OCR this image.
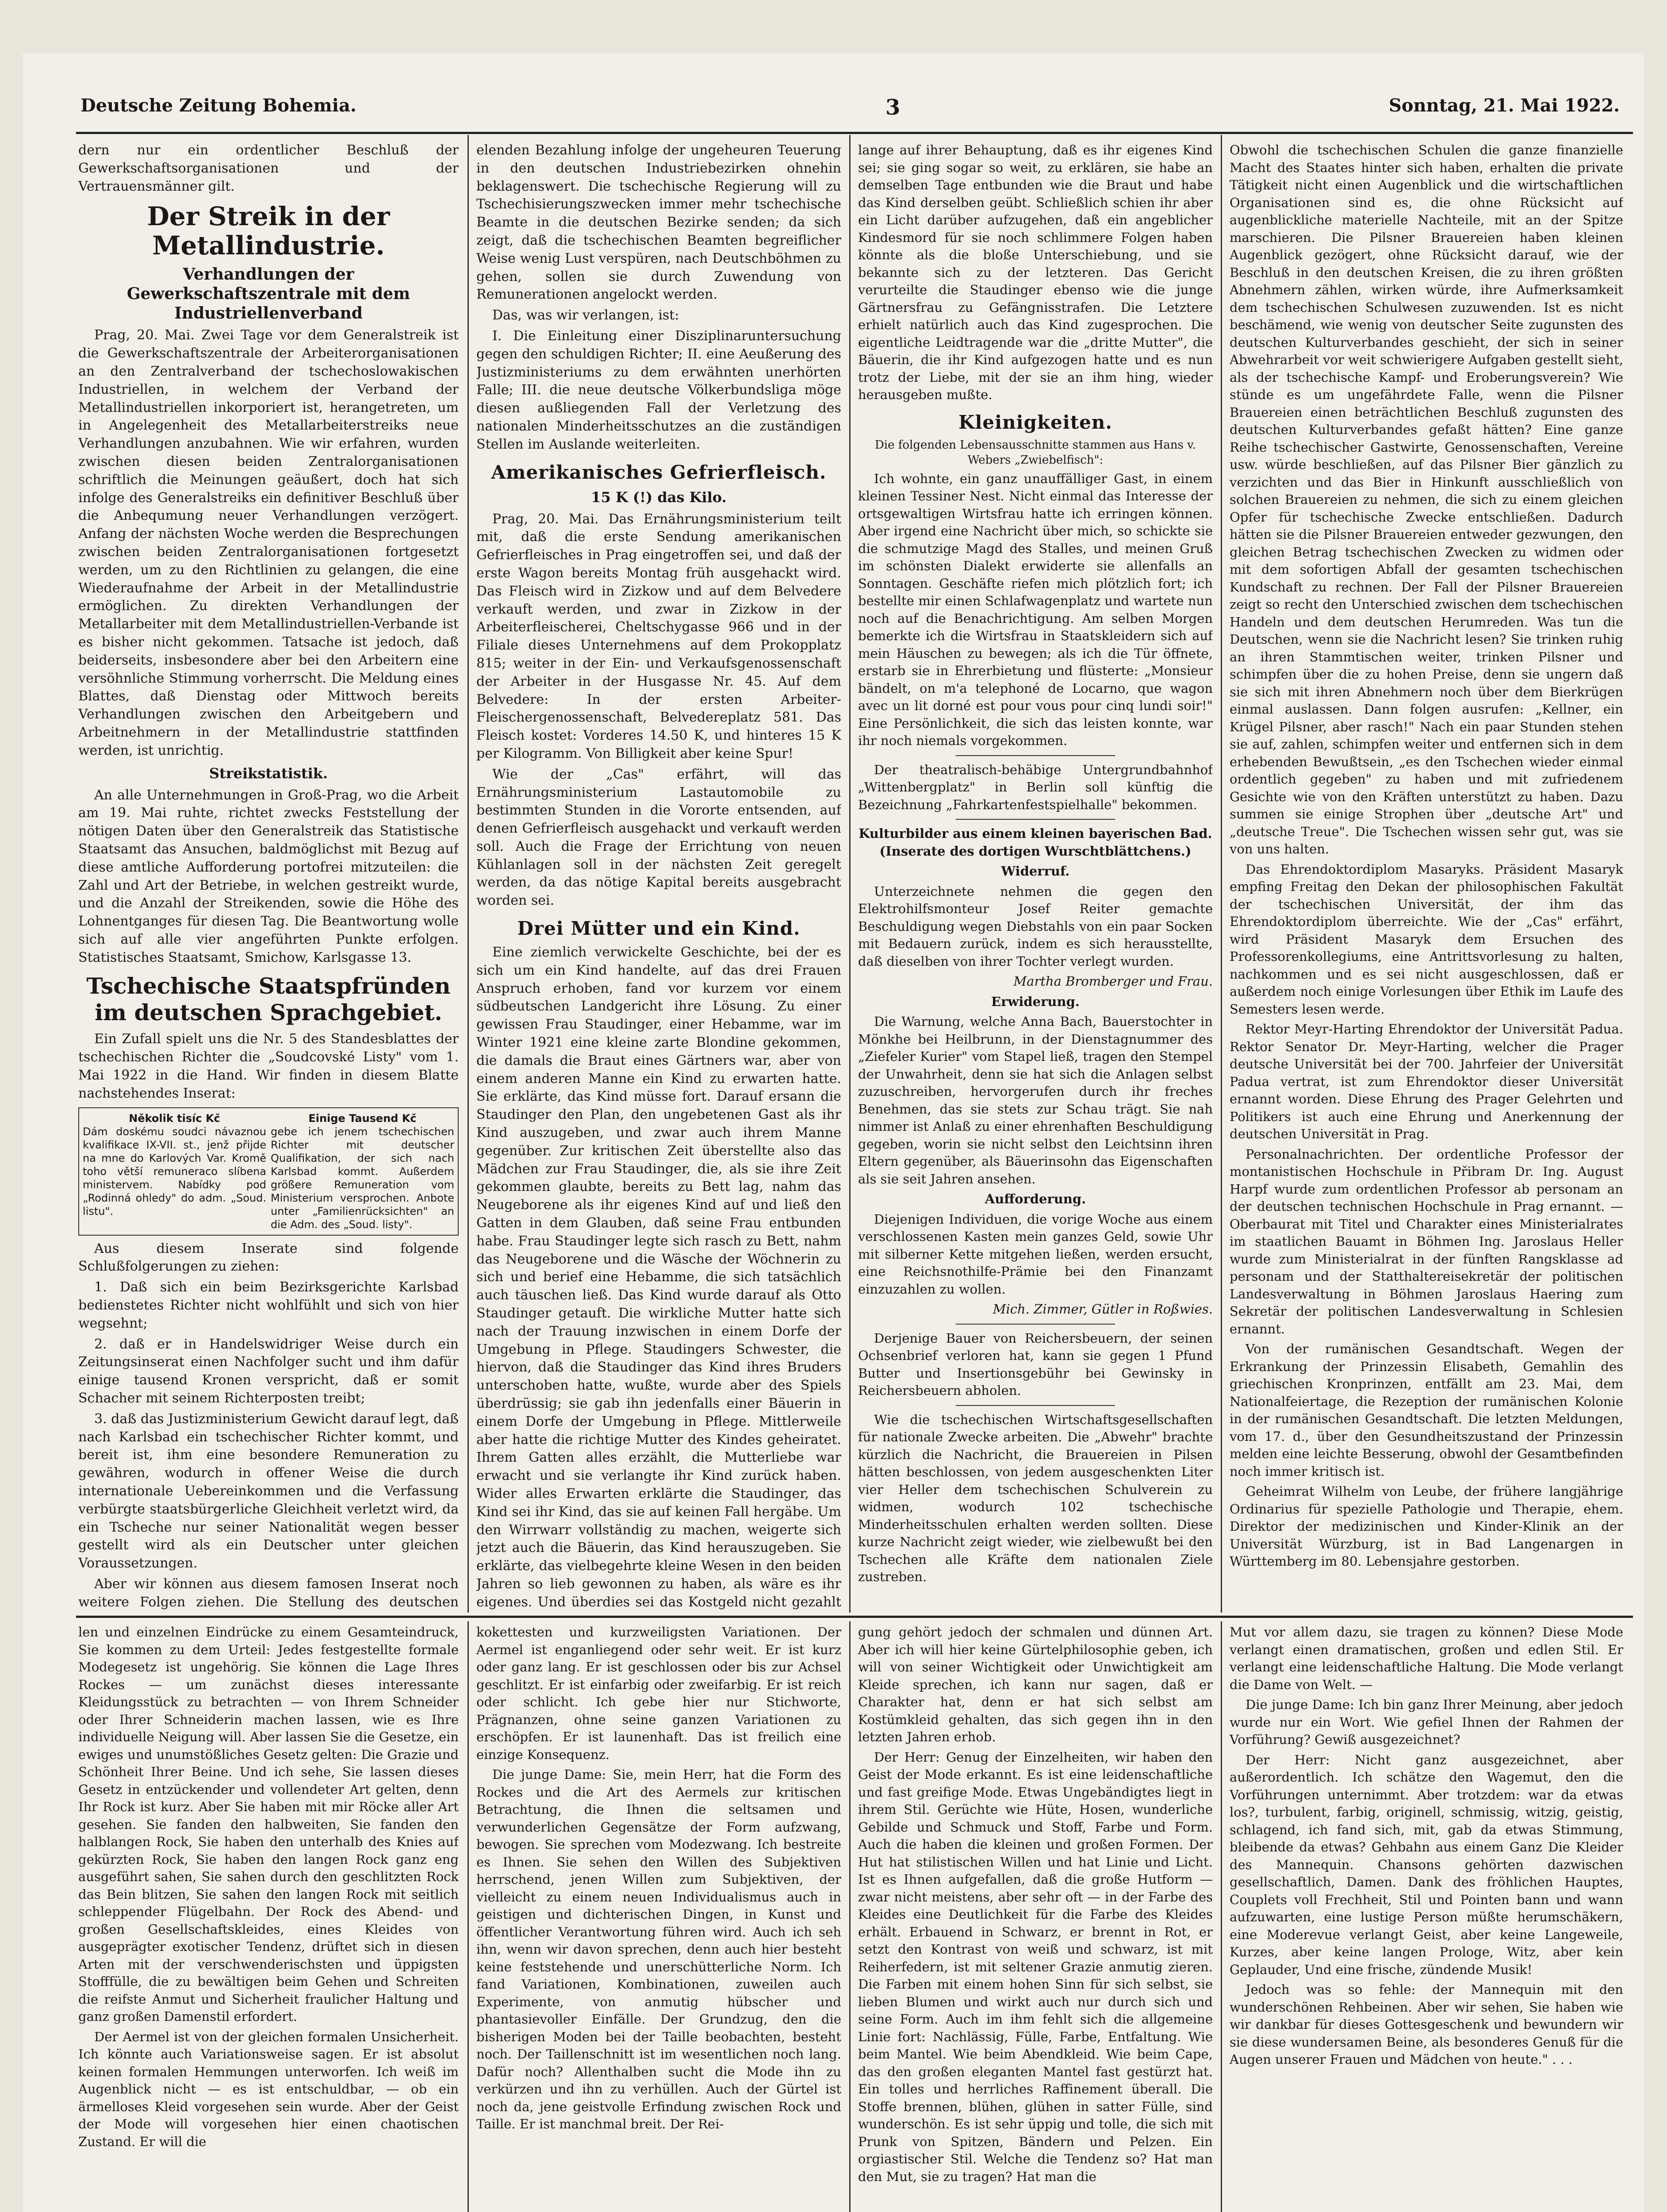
Deutsche Zeitung Bohemia.	3	Sonntag, 21. Mai 1922.

dern nur ein ordentlicher Beschluß der Gewerkschaftsorganisationen und der Vertrauensmänner gilt.

Der Streik in der Metallindustrie.
Verhandlungen der Gewerkschaftszentrale mit dem Industriellenverband

Prag, 20. Mai. Zwei Tage vor dem Generalstreik ist die Gewerkschaftszentrale der Arbeiterorganisationen an den Zentralverband der tschechoslowakischen Industriellen, in welchem der Verband der Metallindustriellen inkorporiert ist, herangetreten, um in Angelegenheit des Metallarbeiterstreiks neue Verhandlungen anzubahnen. Wie wir erfahren, wurden zwischen diesen beiden Zentralorganisationen schriftlich die Meinungen geäußert, doch hat sich infolge des Generalstreiks ein definitiver Beschluß über die Anbequmung neuer Verhandlungen verzögert. Anfang der nächsten Woche werden die Besprechungen zwischen beiden Zentralorganisationen fortgesetzt werden, um zu den Richtlinien zu gelangen, die eine Wiederaufnahme der Arbeit in der Metallindustrie ermöglichen. Zu direkten Verhandlungen der Metallarbeiter mit dem Metallindustriellen-Verbande ist es bisher nicht gekommen. Tatsache ist jedoch, daß beiderseits, insbesondere aber bei den Arbeitern eine versöhnliche Stimmung vorherrscht. Die Meldung eines Blattes, daß Dienstag oder Mittwoch bereits Verhandlungen zwischen den Arbeitgebern und Arbeitnehmern in der Metallindustrie stattfinden werden, ist unrichtig.

Streikstatistik.

An alle Unternehmungen in Groß-Prag, wo die Arbeit am 19. Mai ruhte, richtet zwecks Feststellung der nötigen Daten über den Generalstreik das Statistische Staatsamt das Ansuchen, baldmöglichst mit Bezug auf diese amtliche Aufforderung portofrei mitzuteilen: die Zahl und Art der Betriebe, in welchen gestreikt wurde, und die Anzahl der Streikenden, sowie die Höhe des Lohnentganges für diesen Tag. Die Beantwortung wolle sich auf alle vier angeführten Punkte erfolgen. Statistisches Staatsamt, Smichow, Karlsgasse 13.

Tschechische Staatspfründen im deutschen Sprachgebiet.

Ein Zufall spielt uns die Nr. 5 des Standesblattes der tschechischen Richter die „Soudcovské Listy" vom 1. Mai 1922 in die Hand. Wir finden in diesem Blatte nachstehendes Inserat:

Několik tisíc Kč
Dám doskému soudci návaznou kvalifikace IX-VII. st., jenž přijde na mne do Karlových Var. Kromě toho větší remuneraco slíbena ministervem. Nabídky pod „Rodinná ohledy" do adm. „Soud. listu".
Einige Tausend Kč
gebe ich jenem tschechischen Richter mit deutscher Qualifikation, der sich nach Karlsbad kommt. Außerdem größere Remuneration vom Ministerium versprochen. Anbote unter „Familienrücksichten" an die Adm. des „Soud. listy".

Aus diesem Inserate sind folgende Schlußfolgerungen zu ziehen:

1. Daß sich ein beim Bezirksgerichte Karlsbad bedienstetes Richter nicht wohlfühlt und sich von hier wegsehnt;

2. daß er in Handelswidriger Weise durch ein Zeitungsinserat einen Nachfolger sucht und ihm dafür einige tausend Kronen verspricht, daß er somit Schacher mit seinem Richterposten treibt;

3. daß das Justizministerium Gewicht darauf legt, daß nach Karlsbad ein tschechischer Richter kommt, und bereit ist, ihm eine besondere Remuneration zu gewähren, wodurch in offener Weise die durch internationale Uebereinkommen und die Verfassung verbürgte staatsbürgerliche Gleichheit verletzt wird, da ein Tscheche nur seiner Nationalität wegen besser gestellt wird als ein Deutscher unter gleichen Voraussetzungen.

Aber wir können aus diesem famosen Inserat noch weitere Folgen ziehen. Die Stellung des deutschen

elenden Bezahlung infolge der ungeheuren Teuerung in den deutschen Industriebezirken ohnehin beklagenswert. Die tschechische Regierung will zu Tschechisierungszwecken immer mehr tschechische Beamte in die deutschen Bezirke senden; da sich zeigt, daß die tschechischen Beamten begreiflicher Weise wenig Lust verspüren, nach Deutschböhmen zu gehen, sollen sie durch Zuwendung von Remunerationen angelockt werden.

Das, was wir verlangen, ist:

I. Die Einleitung einer Disziplinaruntersuchung gegen den schuldigen Richter; II. eine Aeußerung des Justizministeriums zu dem erwähnten unerhörten Falle; III. die neue deutsche Völkerbundsliga möge diesen außliegenden Fall der Verletzung des nationalen Minderheitsschutzes an die zuständigen Stellen im Auslande weiterleiten.

Amerikanisches Gefrierfleisch.
15 K (!) das Kilo.

Prag, 20. Mai. Das Ernährungsministerium teilt mit, daß die erste Sendung amerikanischen Gefrierfleisches in Prag eingetroffen sei, und daß der erste Wagon bereits Montag früh ausgehackt wird. Das Fleisch wird in Zizkow und auf dem Belvedere verkauft werden, und zwar in Zizkow in der Arbeiterfleischerei, Cheltschygasse 966 und in der Filiale dieses Unternehmens auf dem Prokopplatz 815; weiter in der Ein- und Verkaufsgenossenschaft der Arbeiter in der Husgasse Nr. 45. Auf dem Belvedere: In der ersten Arbeiter-Fleischergenossenschaft, Belvedereplatz 581. Das Fleisch kostet: Vorderes 14.50 K, und hinteres 15 K per Kilogramm. Von Billigkeit aber keine Spur!

Wie der „Cas" erfährt, will das Ernährungsministerium Lastautomobile zu bestimmten Stunden in die Vororte entsenden, auf denen Gefrierfleisch ausgehackt und verkauft werden soll. Auch die Frage der Errichtung von neuen Kühlanlagen soll in der nächsten Zeit geregelt werden, da das nötige Kapital bereits ausgebracht worden sei.

Drei Mütter und ein Kind.

Eine ziemlich verwickelte Geschichte, bei der es sich um ein Kind handelte, auf das drei Frauen Anspruch erhoben, fand vor kurzem vor einem südbeutschen Landgericht ihre Lösung. Zu einer gewissen Frau Staudinger, einer Hebamme, war im Winter 1921 eine kleine zarte Blondine gekommen, die damals die Braut eines Gärtners war, aber von einem anderen Manne ein Kind zu erwarten hatte. Sie erklärte, das Kind müsse fort. Darauf ersann die Staudinger den Plan, den ungebetenen Gast als ihr Kind auszugeben, und zwar auch ihrem Manne gegenüber. Zur kritischen Zeit überstellte also das Mädchen zur Frau Staudinger, die, als sie ihre Zeit gekommen glaubte, bereits zu Bett lag, nahm das Neugeborene als ihr eigenes Kind auf und ließ den Gatten in dem Glauben, daß seine Frau entbunden habe. Frau Staudinger legte sich rasch zu Bett, nahm das Neugeborene und die Wäsche der Wöchnerin zu sich und berief eine Hebamme, die sich tatsächlich auch täuschen ließ. Das Kind wurde darauf als Otto Staudinger getauft. Die wirkliche Mutter hatte sich nach der Trauung inzwischen in einem Dorfe der Umgebung in Pflege. Staudingers Schwester, die hiervon, daß die Staudinger das Kind ihres Bruders unterschoben hatte, wußte, wurde aber des Spiels überdrüssig; sie gab ihn jedenfalls einer Bäuerin in einem Dorfe der Umgebung in Pflege. Mittlerweile aber hatte die richtige Mutter des Kindes geheiratet. Ihrem Gatten alles erzählt, die Mutterliebe war erwacht und sie verlangte ihr Kind zurück haben. Wider alles Erwarten erklärte die Staudinger, das Kind sei ihr Kind, das sie auf keinen Fall hergäbe. Um den Wirrwarr vollständig zu machen, weigerte sich jetzt auch die Bäuerin, das Kind herauszugeben. Sie erklärte, das vielbegehrte kleine Wesen in den beiden Jahren so lieb gewonnen zu haben, als wäre es ihr eigenes. Und überdies sei das Kostgeld nicht gezahlt

lange auf ihrer Behauptung, daß es ihr eigenes Kind sei; sie ging sogar so weit, zu erklären, sie habe an demselben Tage entbunden wie die Braut und habe das Kind derselben geübt. Schließlich schien ihr aber ein Licht darüber aufzugehen, daß ein angeblicher Kindesmord für sie noch schlimmere Folgen haben könnte als die bloße Unterschiebung, und sie bekannte sich zu der letzteren. Das Gericht verurteilte die Staudinger ebenso wie die junge Gärtnersfrau zu Gefängnisstrafen. Die Letztere erhielt natürlich auch das Kind zugesprochen. Die eigentliche Leidtragende war die „dritte Mutter", die Bäuerin, die ihr Kind aufgezogen hatte und es nun trotz der Liebe, mit der sie an ihm hing, wieder herausgeben mußte.

Kleinigkeiten.

Die folgenden Lebensausschnitte stammen aus Hans v. Webers „Zwiebelfisch":

Ich wohnte, ein ganz unauffälliger Gast, in einem kleinen Tessiner Nest. Nicht einmal das Interesse der ortsgewaltigen Wirtsfrau hatte ich erringen können. Aber irgend eine Nachricht über mich, so schickte sie die schmutzige Magd des Stalles, und meinen Gruß im schönsten Dialekt erwiderte sie allenfalls an Sonntagen. Geschäfte riefen mich plötzlich fort; ich bestellte mir einen Schlafwagenplatz und wartete nun noch auf die Benachrichtigung. Am selben Morgen bemerkte ich die Wirtsfrau in Staatskleidern sich auf mein Häuschen zu bewegen; als ich die Tür öffnete, erstarb sie in Ehrerbietung und flüsterte: „Monsieur bändelt, on m'a telephoné de Locarno, que wagon avec un lit dorné est pour vous pour cinq lundi soir!" Eine Persönlichkeit, die sich das leisten konnte, war ihr noch niemals vorgekommen.

Der theatralisch-behäbige Untergrundbahnhof „Wittenbergplatz" in Berlin soll künftig die Bezeichnung „Fahrkartenfestspielhalle" bekommen.

Kulturbilder aus einem kleinen bayerischen Bad. (Inserate des dortigen Wurschtblättchens.)

Widerruf.

Unterzeichnete nehmen die gegen den Elektrohilfsmonteur Josef Reiter gemachte Beschuldigung wegen Diebstahls von ein paar Socken mit Bedauern zurück, indem es sich herausstellte, daß dieselben von ihrer Tochter verlegt wurden.

Martha Bromberger und Frau.

Erwiderung.

Die Warnung, welche Anna Bach, Bauerstochter in Mönkhe bei Heilbrunn, in der Dienstagnummer des „Ziefeler Kurier" vom Stapel ließ, tragen den Stempel der Unwahrheit, denn sie hat sich die Anlagen selbst zuzuschreiben, hervorgerufen durch ihr freches Benehmen, das sie stets zur Schau trägt. Sie nah nimmer ist Anlaß zu einer ehrenhaften Beschuldigung gegeben, worin sie nicht selbst den Leichtsinn ihren Eltern gegenüber, als Bäuerinsohn das Eigenschaften als sie seit Jahren ansehen.

Aufforderung.

Diejenigen Individuen, die vorige Woche aus einem verschlossenen Kasten mein ganzes Geld, sowie Uhr mit silberner Kette mitgehen ließen, werden ersucht, eine Reichsnothilfe-Prämie bei den Finanzamt einzuzahlen zu wollen.

Mich. Zimmer, Gütler in Roßwies.

Derjenige Bauer von Reichersbeuern, der seinen Ochsenbrief verloren hat, kann sie gegen 1 Pfund Butter und Insertionsgebühr bei Gewinsky in Reichersbeuern abholen.

Wie die tschechischen Wirtschaftsgesellschaften für nationale Zwecke arbeiten. Die „Abwehr" brachte kürzlich die Nachricht, die Brauereien in Pilsen hätten beschlossen, von jedem ausgeschenkten Liter vier Heller dem tschechischen Schulverein zu widmen, wodurch 102 tschechische Minderheitsschulen erhalten werden sollten. Diese kurze Nachricht zeigt wieder, wie zielbewußt bei den Tschechen alle Kräfte dem nationalen Ziele zustreben.

Obwohl die tschechischen Schulen die ganze finanzielle Macht des Staates hinter sich haben, erhalten die private Tätigkeit nicht einen Augenblick und die wirtschaftlichen Organisationen sind es, die ohne Rücksicht auf augenblickliche materielle Nachteile, mit an der Spitze marschieren. Die Pilsner Brauereien haben kleinen Augenblick gezögert, ohne Rücksicht darauf, wie der Beschluß in den deutschen Kreisen, die zu ihren größten Abnehmern zählen, wirken würde, ihre Aufmerksamkeit dem tschechischen Schulwesen zuzuwenden. Ist es nicht beschämend, wie wenig von deutscher Seite zugunsten des deutschen Kulturverbandes geschieht, der sich in seiner Abwehrarbeit vor weit schwierigere Aufgaben gestellt sieht, als der tschechische Kampf- und Eroberungsverein? Wie stünde es um ungefährdete Falle, wenn die Pilsner Brauereien einen beträchtlichen Beschluß zugunsten des deutschen Kulturverbandes gefaßt hätten? Eine ganze Reihe tschechischer Gastwirte, Genossenschaften, Vereine usw. würde beschließen, auf das Pilsner Bier gänzlich zu verzichten und das Bier in Hinkunft ausschließlich von solchen Brauereien zu nehmen, die sich zu einem gleichen Opfer für tschechische Zwecke entschließen. Dadurch hätten sie die Pilsner Brauereien entweder gezwungen, den gleichen Betrag tschechischen Zwecken zu widmen oder mit dem sofortigen Abfall der gesamten tschechischen Kundschaft zu rechnen. Der Fall der Pilsner Brauereien zeigt so recht den Unterschied zwischen dem tschechischen Handeln und dem deutschen Herumreden. Was tun die Deutschen, wenn sie die Nachricht lesen? Sie trinken ruhig an ihren Stammtischen weiter, trinken Pilsner und schimpfen über die zu hohen Preise, denn sie ungern daß sie sich mit ihren Abnehmern noch über dem Bierkrügen einmal auslassen. Dann folgen ausrufen: „Kellner, ein Krügel Pilsner, aber rasch!" Nach ein paar Stunden stehen sie auf, zahlen, schimpfen weiter und entfernen sich in dem erhebenden Bewußtsein, „es den Tschechen wieder einmal ordentlich gegeben" zu haben und mit zufriedenem Gesichte wie von den Kräften unterstützt zu haben. Dazu summen sie einige Strophen über „deutsche Art" und „deutsche Treue". Die Tschechen wissen sehr gut, was sie von uns halten.

Das Ehrendoktordiplom Masaryks. Präsident Masaryk empfing Freitag den Dekan der philosophischen Fakultät der tschechischen Universität, der ihm das Ehrendoktordiplom überreichte. Wie der „Cas" erfährt, wird Präsident Masaryk dem Ersuchen des Professorenkollegiums, eine Antrittsvorlesung zu halten, nachkommen und es sei nicht ausgeschlossen, daß er außerdem noch einige Vorlesungen über Ethik im Laufe des Semesters lesen werde.

Rektor Meyr-Harting Ehrendoktor der Universität Padua. Rektor Senator Dr. Meyr-Harting, welcher die Prager deutsche Universität bei der 700. Jahrfeier der Universität Padua vertrat, ist zum Ehrendoktor dieser Universität ernannt worden. Diese Ehrung des Prager Gelehrten und Politikers ist auch eine Ehrung und Anerkennung der deutschen Universität in Prag.

Personalnachrichten. Der ordentliche Professor der montanistischen Hochschule in Přibram Dr. Ing. August Harpf wurde zum ordentlichen Professor ab personam an der deutschen technischen Hochschule in Prag ernannt. — Oberbaurat mit Titel und Charakter eines Ministerialrates im staatlichen Bauamt in Böhmen Ing. Jaroslaus Heller wurde zum Ministerialrat in der fünften Rangsklasse ad personam und der Statthaltereisekretär der politischen Landesverwaltung in Böhmen Jaroslaus Haering zum Sekretär der politischen Landesverwaltung in Schlesien ernannt.

Von der rumänischen Gesandtschaft. Wegen der Erkrankung der Prinzessin Elisabeth, Gemahlin des griechischen Kronprinzen, entfällt am 23. Mai, dem Nationalfeiertage, die Rezeption der rumänischen Kolonie in der rumänischen Gesandtschaft. Die letzten Meldungen, vom 17. d., über den Gesundheitszustand der Prinzessin melden eine leichte Besserung, obwohl der Gesamtbefinden noch immer kritisch ist.

Geheimrat Wilhelm von Leube, der frühere langjährige Ordinarius für spezielle Pathologie und Therapie, ehem. Direktor der medizinischen und Kinder-Klinik an der Universität Würzburg, ist in Bad Langenargen in Württemberg im 80. Lebensjahre gestorben.

len und einzelnen Eindrücke zu einem Gesamteindruck, Sie kommen zu dem Urteil: Jedes festgestellte formale Modegesetz ist ungehörig. Sie können die Lage Ihres Rockes — um zunächst dieses interessante Kleidungsstück zu betrachten — von Ihrem Schneider oder Ihrer Schneiderin machen lassen, wie es Ihre individuelle Neigung will. Aber lassen Sie die Gesetze, ein ewiges und unumstößliches Gesetz gelten: Die Grazie und Schönheit Ihrer Beine. Und ich sehe, Sie lassen dieses Gesetz in entzückender und vollendeter Art gelten, denn Ihr Rock ist kurz. Aber Sie haben mit mir Röcke aller Art gesehen. Sie fanden den halbweiten, Sie fanden den halblangen Rock, Sie haben den unterhalb des Knies auf gekürzten Rock, Sie haben den langen Rock ganz eng ausgeführt sahen, Sie sahen durch den geschlitzten Rock das Bein blitzen, Sie sahen den langen Rock mit seitlich schleppender Flügelbahn. Der Rock des Abend- und großen Gesellschaftskleides, eines Kleides von ausgeprägter exotischer Tendenz, drüftet sich in diesen Arten mit der verschwenderischsten und üppigsten Stofffülle, die zu bewältigen beim Gehen und Schreiten die reifste Anmut und Sicherheit fraulicher Haltung und ganz großen Damenstil erfordert.

Der Aermel ist von der gleichen formalen Unsicherheit. Ich könnte auch Variationsweise sagen. Er ist absolut keinen formalen Hemmungen unterworfen. Ich weiß im Augenblick nicht — es ist entschuldbar, — ob ein ärmelloses Kleid vorgesehen sein wurde. Aber der Geist der Mode will vorgesehen hier einen chaotischen Zustand. Er will die

kokettesten und kurzweiligsten Variationen. Der Aermel ist enganliegend oder sehr weit. Er ist kurz oder ganz lang. Er ist geschlossen oder bis zur Achsel geschlitzt. Er ist einfarbig oder zweifarbig. Er ist reich oder schlicht. Ich gebe hier nur Stichworte, Prägnanzen, ohne seine ganzen Variationen zu erschöpfen. Er ist launenhaft. Das ist freilich eine einzige Konsequenz.

Die junge Dame: Sie, mein Herr, hat die Form des Rockes und die Art des Aermels zur kritischen Betrachtung, die Ihnen die seltsamen und verwunderlichen Gegensätze der Form aufzwang, bewogen. Sie sprechen vom Modezwang. Ich bestreite es Ihnen. Sie sehen den Willen des Subjektiven herrschend, jenen Willen zum Subjektiven, der vielleicht zu einem neuen Individualismus auch in geistigen und dichterischen Dingen, in Kunst und öffentlicher Verantwortung führen wird. Auch ich seh ihn, wenn wir davon sprechen, denn auch hier besteht keine feststehende und unerschütterliche Norm. Ich fand Variationen, Kombinationen, zuweilen auch Experimente, von anmutig hübscher und phantasievoller Einfälle. Der Grundzug, den die bisherigen Moden bei der Taille beobachten, besteht noch. Der Taillenschnitt ist im wesentlichen noch lang. Dafür noch? Allenthalben sucht die Mode ihn zu verkürzen und ihn zu verhüllen. Auch der Gürtel ist noch da, jene geistvolle Erfindung zwischen Rock und Taille. Er ist manchmal breit. Der Rei-

gung gehört jedoch der schmalen und dünnen Art. Aber ich will hier keine Gürtelphilosophie geben, ich will von seiner Wichtigkeit oder Unwichtigkeit am Kleide sprechen, ich kann nur sagen, daß er Charakter hat, denn er hat sich selbst am Kostümkleid gehalten, das sich gegen ihn in den letzten Jahren erhob.

Der Herr: Genug der Einzelheiten, wir haben den Geist der Mode erkannt. Es ist eine leidenschaftliche und fast greifige Mode. Etwas Ungebändigtes liegt in ihrem Stil. Gerüchte wie Hüte, Hosen, wunderliche Gebilde und Schmuck und Stoff, Farbe und Form. Auch die haben die kleinen und großen Formen. Der Hut hat stilistischen Willen und hat Linie und Licht. Ist es Ihnen aufgefallen, daß die große Hutform — zwar nicht meistens, aber sehr oft — in der Farbe des Kleides eine Deutlichkeit für die Farbe des Kleides erhält. Erbauend in Schwarz, er brennt in Rot, er setzt den Kontrast von weiß und schwarz, ist mit Reiherfedern, ist mit seltener Grazie anmutig zieren. Die Farben mit einem hohen Sinn für sich selbst, sie lieben Blumen und wirkt auch nur durch sich und seine Form. Auch im ihm fehlt sich die allgemeine Linie fort: Nachlässig, Fülle, Farbe, Entfaltung. Wie beim Mantel. Wie beim Abendkleid. Wie beim Cape, das den großen eleganten Mantel fast gestürzt hat. Ein tolles und herrliches Raffinement überall. Die Stoffe brennen, blühen, glühen in satter Fülle, sind wunderschön. Es ist sehr üppig und tolle, die sich mit Prunk von Spitzen, Bändern und Pelzen. Ein orgiastischer Stil. Welche die Tendenz so? Hat man den Mut, sie zu tragen? Hat man die

Mut vor allem dazu, sie tragen zu können? Diese Mode verlangt einen dramatischen, großen und edlen Stil. Er verlangt eine leidenschaftliche Haltung. Die Mode verlangt die Dame von Welt. —

Die junge Dame: Ich bin ganz Ihrer Meinung, aber jedoch wurde nur ein Wort. Wie gefiel Ihnen der Rahmen der Vorführung? Gewiß ausgezeichnet?

Der Herr: Nicht ganz ausgezeichnet, aber außerordentlich. Ich schätze den Wagemut, den die Vorführungen unternimmt. Aber trotzdem: war da etwas los?, turbulent, farbig, originell, schmissig, witzig, geistig, schlagend, ich fand sich, mit, gab da etwas Stimmung, bleibende da etwas? Gehbahn aus einem Ganz Die Kleider des Mannequin. Chansons gehörten dazwischen gesellschaftlich, Damen. Dank des fröhlichen Hauptes, Couplets voll Frechheit, Stil und Pointen bann und wann aufzuwarten, eine lustige Person müßte herumschäkern, eine Moderevue verlangt Geist, aber keine Langeweile, Kurzes, aber keine langen Prologe, Witz, aber kein Geplauder, Und eine frische, zündende Musik!

Jedoch was so fehle: der Mannequin mit den wunderschönen Rehbeinen. Aber wir sehen, Sie haben wie wir dankbar für dieses Gottesgeschenk und bewundern wir sie diese wundersamen Beine, als besonderes Genuß für die Augen unserer Frauen und Mädchen von heute." . . .
